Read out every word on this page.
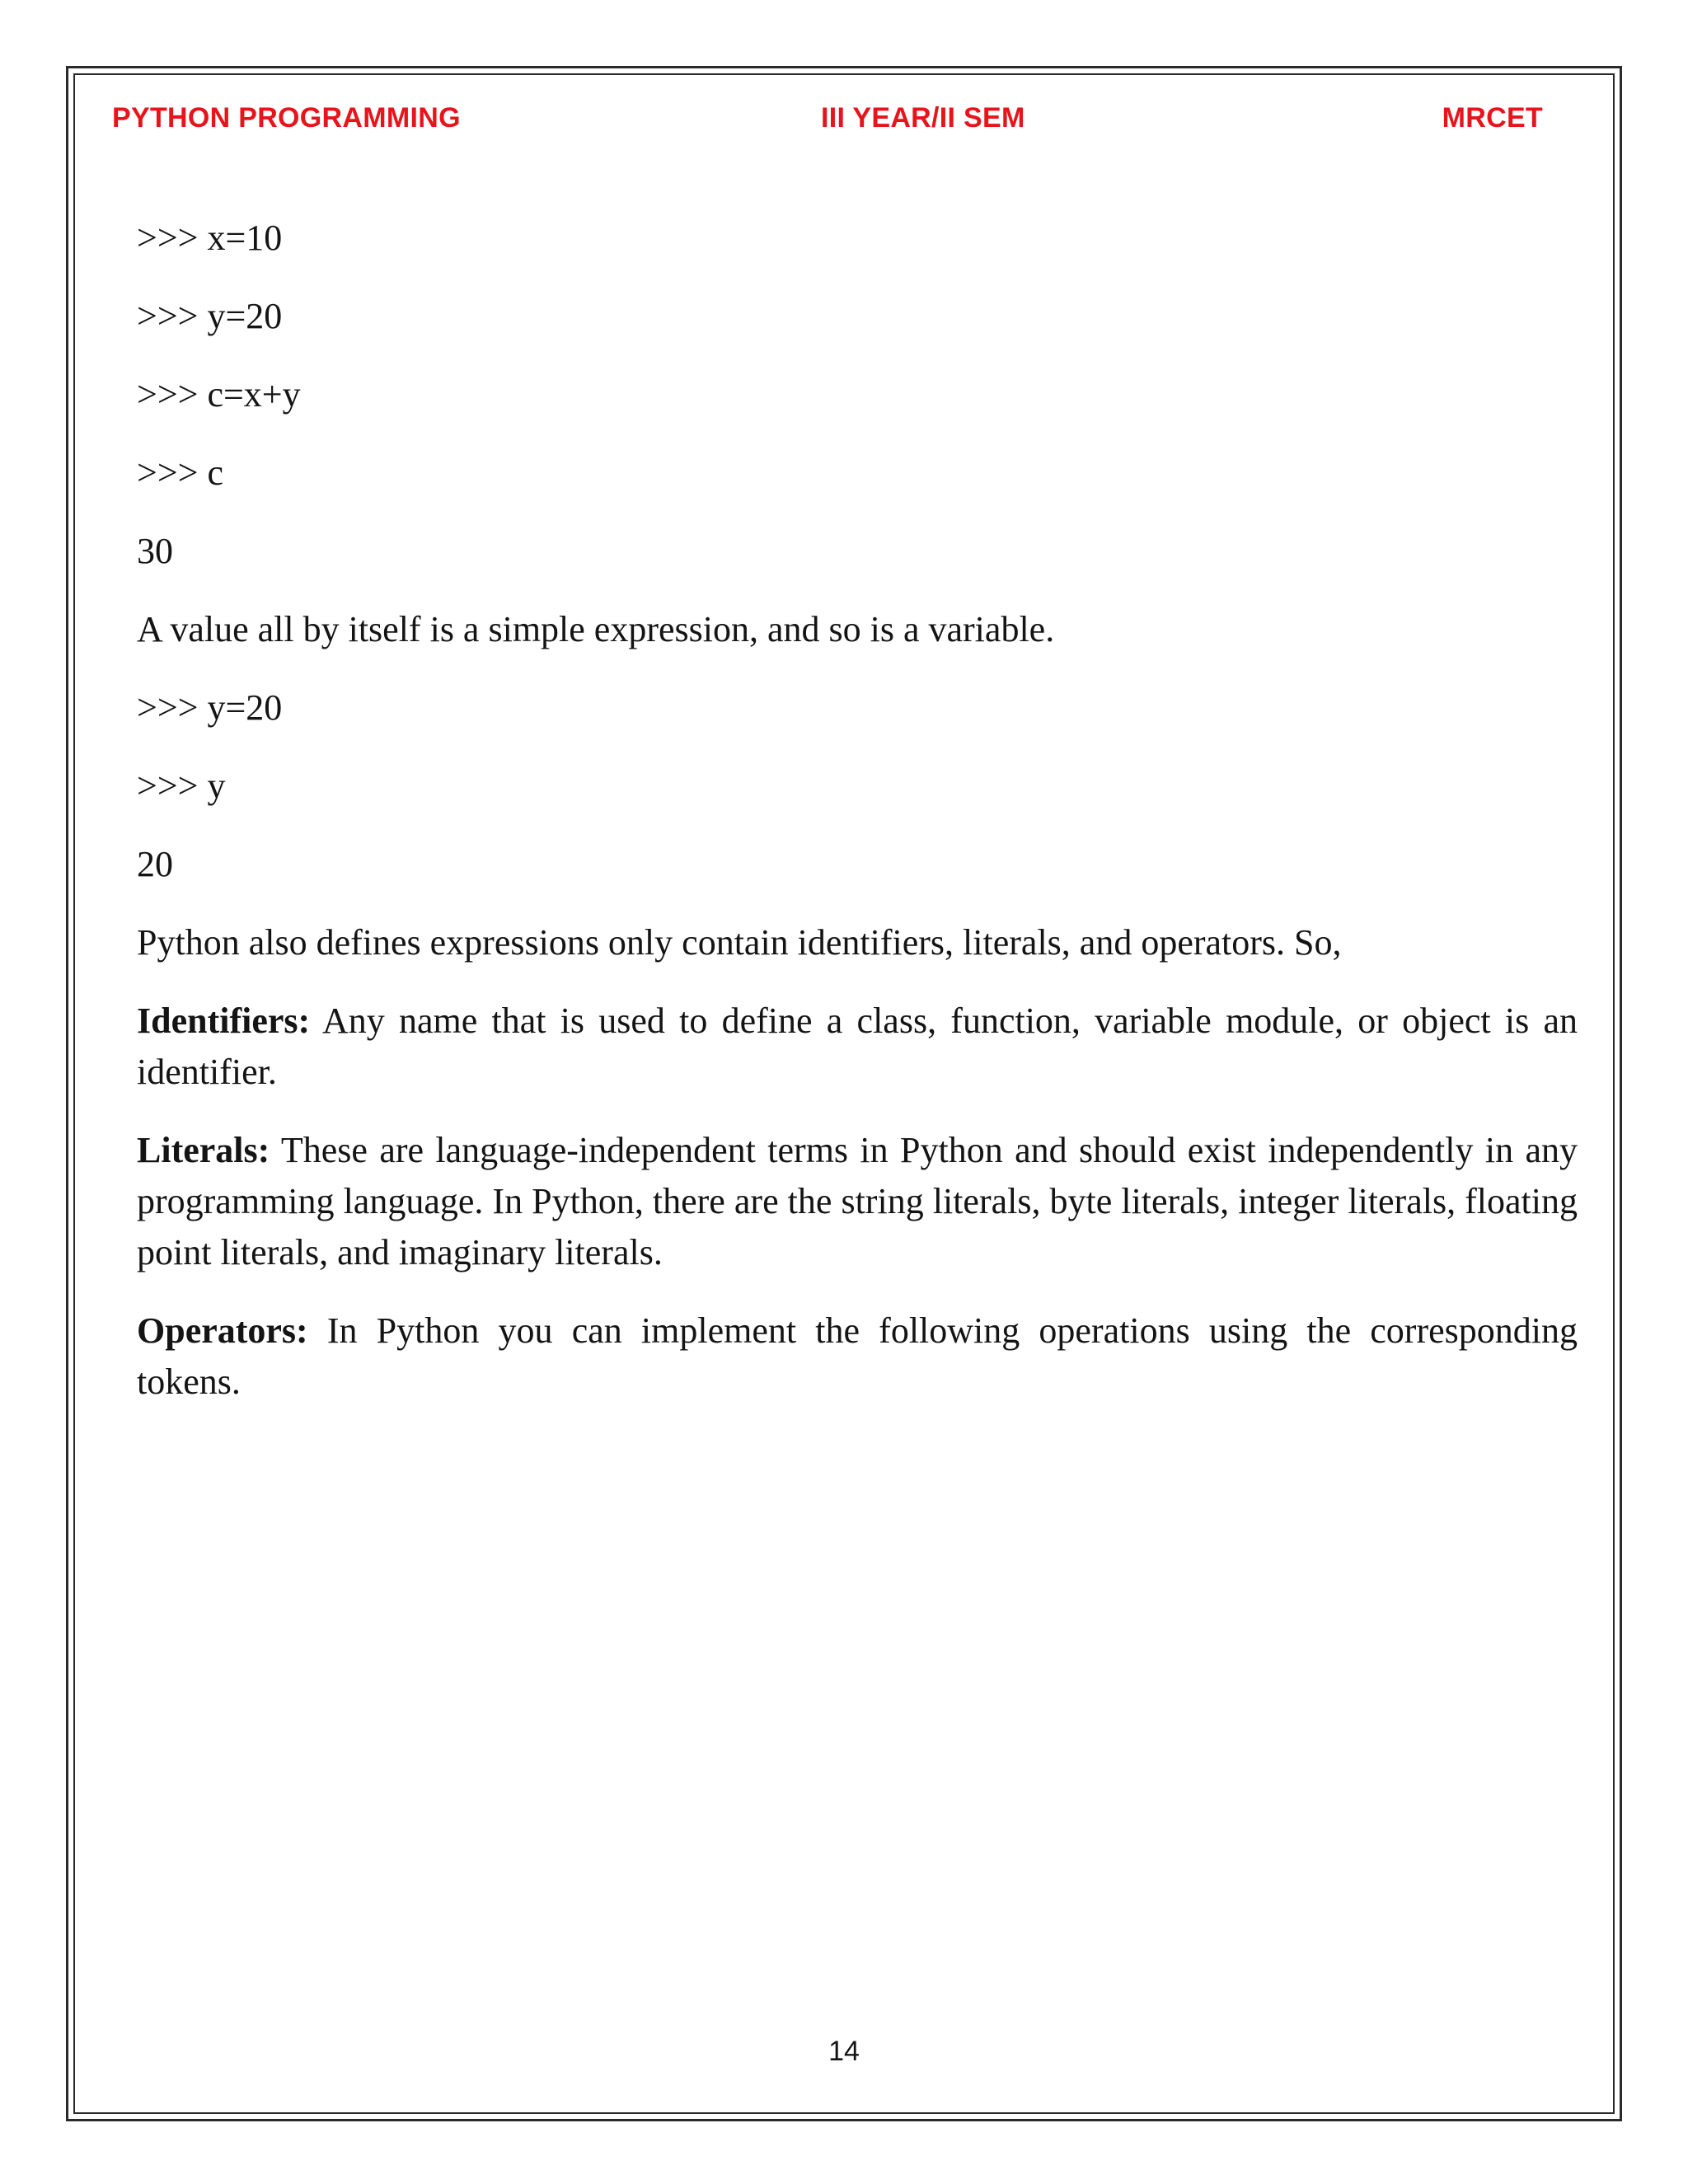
PYTHON PROGRAMMING	III YEAR/II SEM	MRCET
>>> x=10
>>> y=20
>>> c=x+y
>>> c
30
A value all by itself is a simple expression, and so is a variable.
>>> y=20
>>> y
20
Python also defines expressions only contain identifiers, literals, and operators. So,

Identifiers: Any name that is used to define a class, function, variable module, or object is an identifier.

Literals: These are language-independent terms in Python and should exist independently in any programming language. In Python, there are the string literals, byte literals, integer literals, floating point literals, and imaginary literals.

Operators: In Python you can implement the following operations using the corresponding tokens.

14
